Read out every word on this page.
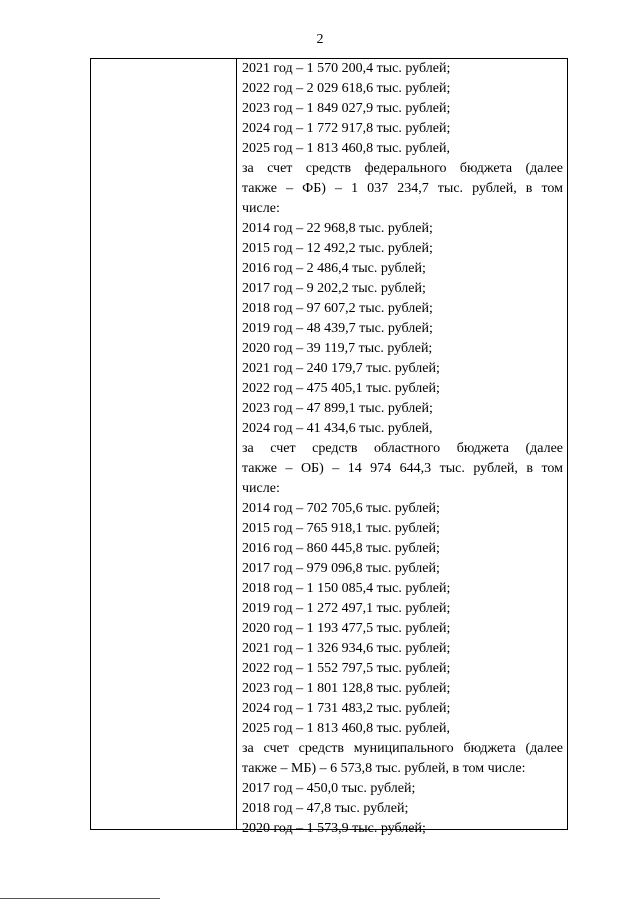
2
2021 год – 1 570 200,4 тыс. рублей;
2022 год – 2 029 618,6 тыс. рублей;
2023 год – 1 849 027,9 тыс. рублей;
2024 год – 1 772 917,8 тыс. рублей;
2025 год – 1 813 460,8 тыс. рублей,
за счет средств федерального бюджета (далее
также – ФБ) – 1 037 234,7 тыс. рублей, в том
числе:
2014 год – 22 968,8 тыс. рублей;
2015 год – 12 492,2 тыс. рублей;
2016 год – 2 486,4 тыс. рублей;
2017 год – 9 202,2 тыс. рублей;
2018 год – 97 607,2 тыс. рублей;
2019 год – 48 439,7 тыс. рублей;
2020 год – 39 119,7 тыс. рублей;
2021 год – 240 179,7 тыс. рублей;
2022 год – 475 405,1 тыс. рублей;
2023 год – 47 899,1 тыс. рублей;
2024 год – 41 434,6 тыс. рублей,
за счет средств областного бюджета (далее
также – ОБ) – 14 974 644,3 тыс. рублей, в том
числе:
2014 год – 702 705,6 тыс. рублей;
2015 год – 765 918,1 тыс. рублей;
2016 год – 860 445,8 тыс. рублей;
2017 год – 979 096,8 тыс. рублей;
2018 год – 1 150 085,4 тыс. рублей;
2019 год – 1 272 497,1 тыс. рублей;
2020 год – 1 193 477,5 тыс. рублей;
2021 год – 1 326 934,6 тыс. рублей;
2022 год – 1 552 797,5 тыс. рублей;
2023 год – 1 801 128,8 тыс. рублей;
2024 год – 1 731 483,2 тыс. рублей;
2025 год – 1 813 460,8 тыс. рублей,
за счет средств муниципального бюджета (далее
также – МБ) – 6 573,8 тыс. рублей, в том числе:
2017 год – 450,0 тыс. рублей;
2018 год – 47,8 тыс. рублей;
2020 год – 1 573,9 тыс. рублей;
